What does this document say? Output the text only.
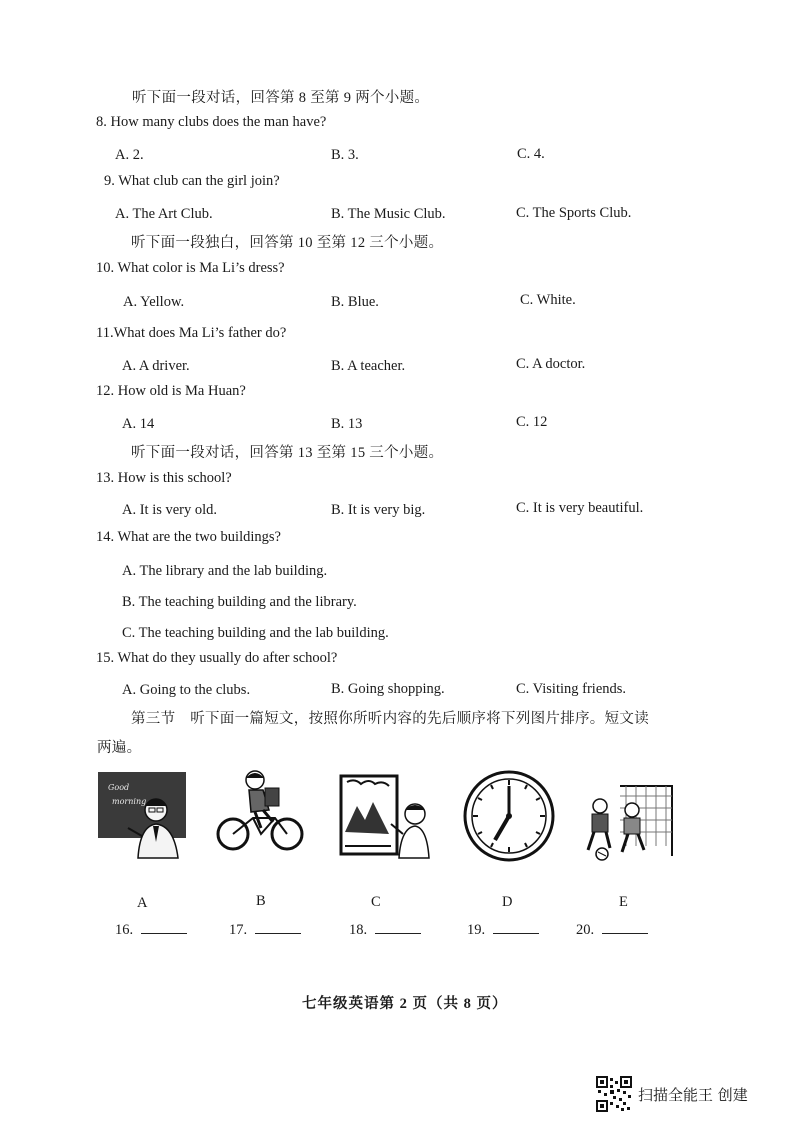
听下面一段对话，回答第 8 至第 9 两个小题。
8. How many clubs does the man have?
A. 2.	B. 3.	C. 4.
9. What club can the girl join?
A. The Art Club.	B. The Music Club.	C. The Sports Club.
听下面一段独白，回答第 10 至第 12 三个小题。
10. What color is Ma Li’s dress?
A. Yellow.	B. Blue.	C. White.
11.What does Ma Li’s father do?
A. A driver.	B. A teacher.	C. A doctor.
12. How old is Ma Huan?
A. 14	B. 13	C. 12
听下面一段对话，回答第 13 至第 15 三个小题。
13. How is this school?
A. It is very old.	B. It is very big.	C. It is very beautiful.
14. What are the two buildings?
A. The library and the lab building.
B. The teaching building and the library.
C. The teaching building and the lab building.
15. What do they usually do after school?
A. Going to the clubs.	B. Going shopping.	C. Visiting friends.
第三节　听下面一篇短文，按照你所听内容的先后顺序将下列图片排序。短文读
两遍。
Good
morning
A	B	C	D	E
16.	17.	18.	19.	20.
七年级英语第 2 页（共 8 页）
扫描全能王 创建
